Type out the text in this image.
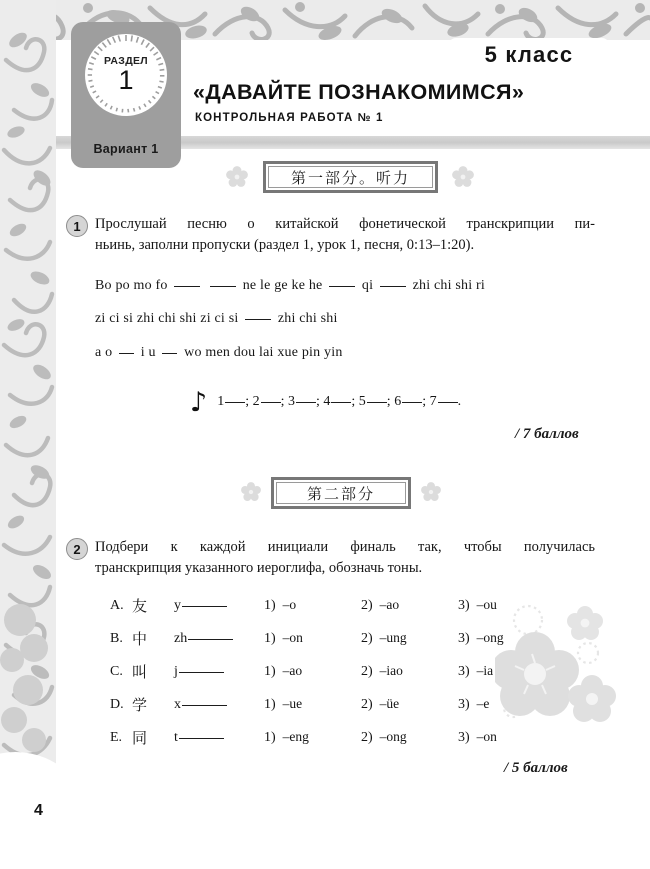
РАЗДЕЛ
1
Вариант 1
5 класс
«ДАВАЙТЕ ПОЗНАКОМИМСЯ»
КОНТРОЛЬНАЯ РАБОТА № 1
第一部分。听力
1 Прослушай песню о китайской фонетической транскрипции пи-
ньинь, заполни пропуски (раздел 1, урок 1, песня, 0:13–1:20).
Bo po mo fo	ne le ge ke he	qi	zhi chi shi ri
zi ci si zhi chi shi zi ci si	zhi chi shi
a o i u wo men dou lai xue pin yin
♪ 1 ; 2 ; 3 ; 4 ; 5 ; 6 ; 7 .
/ 7 баллов
第二部分
2 Подбери к каждой инициали финаль так, чтобы получилась
транскрипция указанного иероглифа, обозначь тоны.
A.	友	y	1) –o	2) –ao	3) –ou
B.	中	zh	1) –on	2) –ung	3) –ong
C.	叫	j	1) –ao	2) –iao	3) –ia
D.	学	x	1) –ue	2) –üe	3) –e
E.	同	t	1) –eng	2) –ong	3) –on
/ 5 баллов
4
